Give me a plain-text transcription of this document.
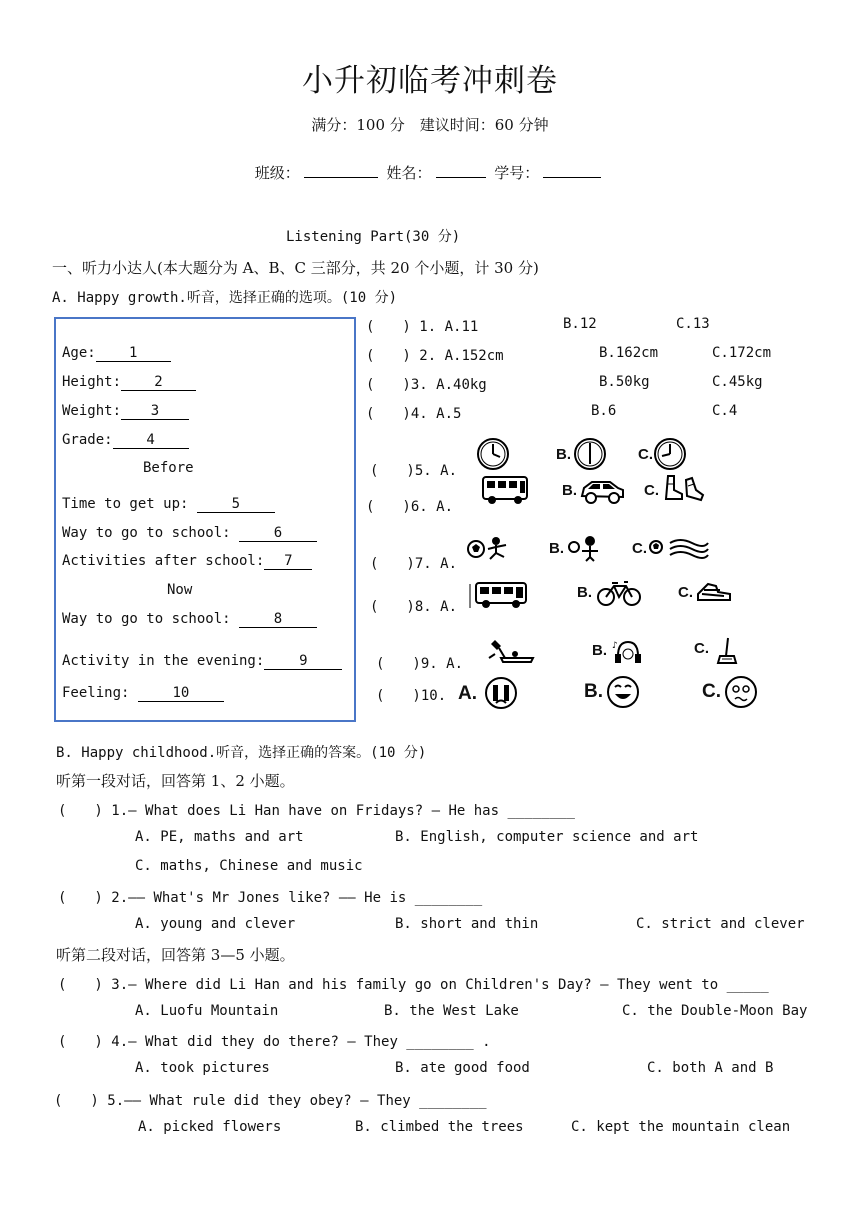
小升初临考冲刺卷
满分：100 分　建议时间：60 分钟
班级：	姓名：	学号：
Listening Part(30 分)
一、听力小达人(本大题分为 A、B、C 三部分，共 20 个小题，计 30 分)
A. Happy growth.听音，选择正确的选项。(10 分)
Age: 1
Height: 2
Weight: 3
Grade: 4
Before
Time to get up:	5
Way to go to school:	6
Activities after school: 7
Now
Way to go to school:	8
Activity in the evening: 9
Feeling:	10
(　　) 1. A.11	B.12	C.13
(　　) 2. A.152cm	B.162cm	C.172cm
(　　)3. A.40kg	B.50kg	C.45kg
(　　)4. A.5	B.6	C.4
(　　)5. A.
B.	C.
(　　)6. A.
B.	C.
(　　)7. A.
B.	C.
(　　)8. A.
B.	C.
(　　)9. A.
B. ♪	C.
(　　)10. A.	B.	C.
B. Happy childhood.听音，选择正确的答案。(10 分)
听第一段对话，回答第 1、2 小题。
(　　) 1.— What does Li Han have on Fridays? — He has ________
A. PE, maths and art	B. English, computer science and art
C. maths, Chinese and music
(　　) 2.—— What's Mr Jones like? —— He is ________
A. young and clever	B. short and thin	C. strict and clever
听第二段对话，回答第 3—5 小题。
(　　) 3.— Where did Li Han and his family go on Children's Day? — They went to _____
A. Luofu Mountain	B. the West Lake	C. the Double-Moon Bay
(　　) 4.— What did they do there? — They ________ .
A. took pictures	B. ate good food	C. both A and B
(　　) 5.—— What rule did they obey? — They ________
A. picked flowers	B. climbed the trees	C. kept the mountain clean
